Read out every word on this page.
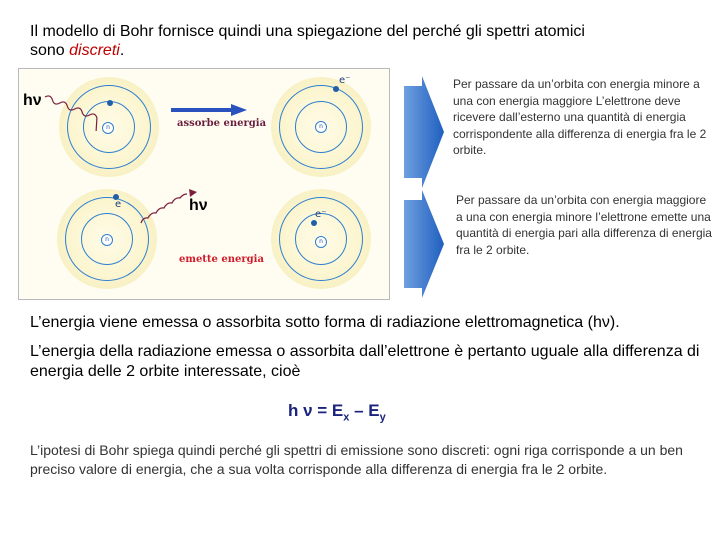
Il modello di Bohr fornisce quindi una spiegazione del perché gli spettri atomici
sono discreti.
n	n
e⁻
n
e
n
e⁻
assorbe energia
emette energia
hν
hν
Per passare da un’orbita con energia minore a una con energia maggiore L’elettrone deve ricevere dall’esterno una quantità di energia corrispondente alla differenza di energia fra le 2 orbite.
Per passare da un’orbita con energia maggiore a una con energia minore l’elettrone emette una quantità di energia pari alla differenza di energia fra le 2 orbite.
L’energia viene emessa o assorbita sotto forma di radiazione elettromagnetica (hν).
L’energia della radiazione emessa o assorbita dall’elettrone è pertanto uguale alla differenza di energia delle 2 orbite interessate, cioè
h $\nu = E_x - E_y$
L’ipotesi di Bohr spiega quindi perché gli spettri di emissione sono discreti: ogni riga corrisponde a un ben preciso valore di energia, che a sua volta corrisponde alla differenza di energia fra le 2 orbite.
